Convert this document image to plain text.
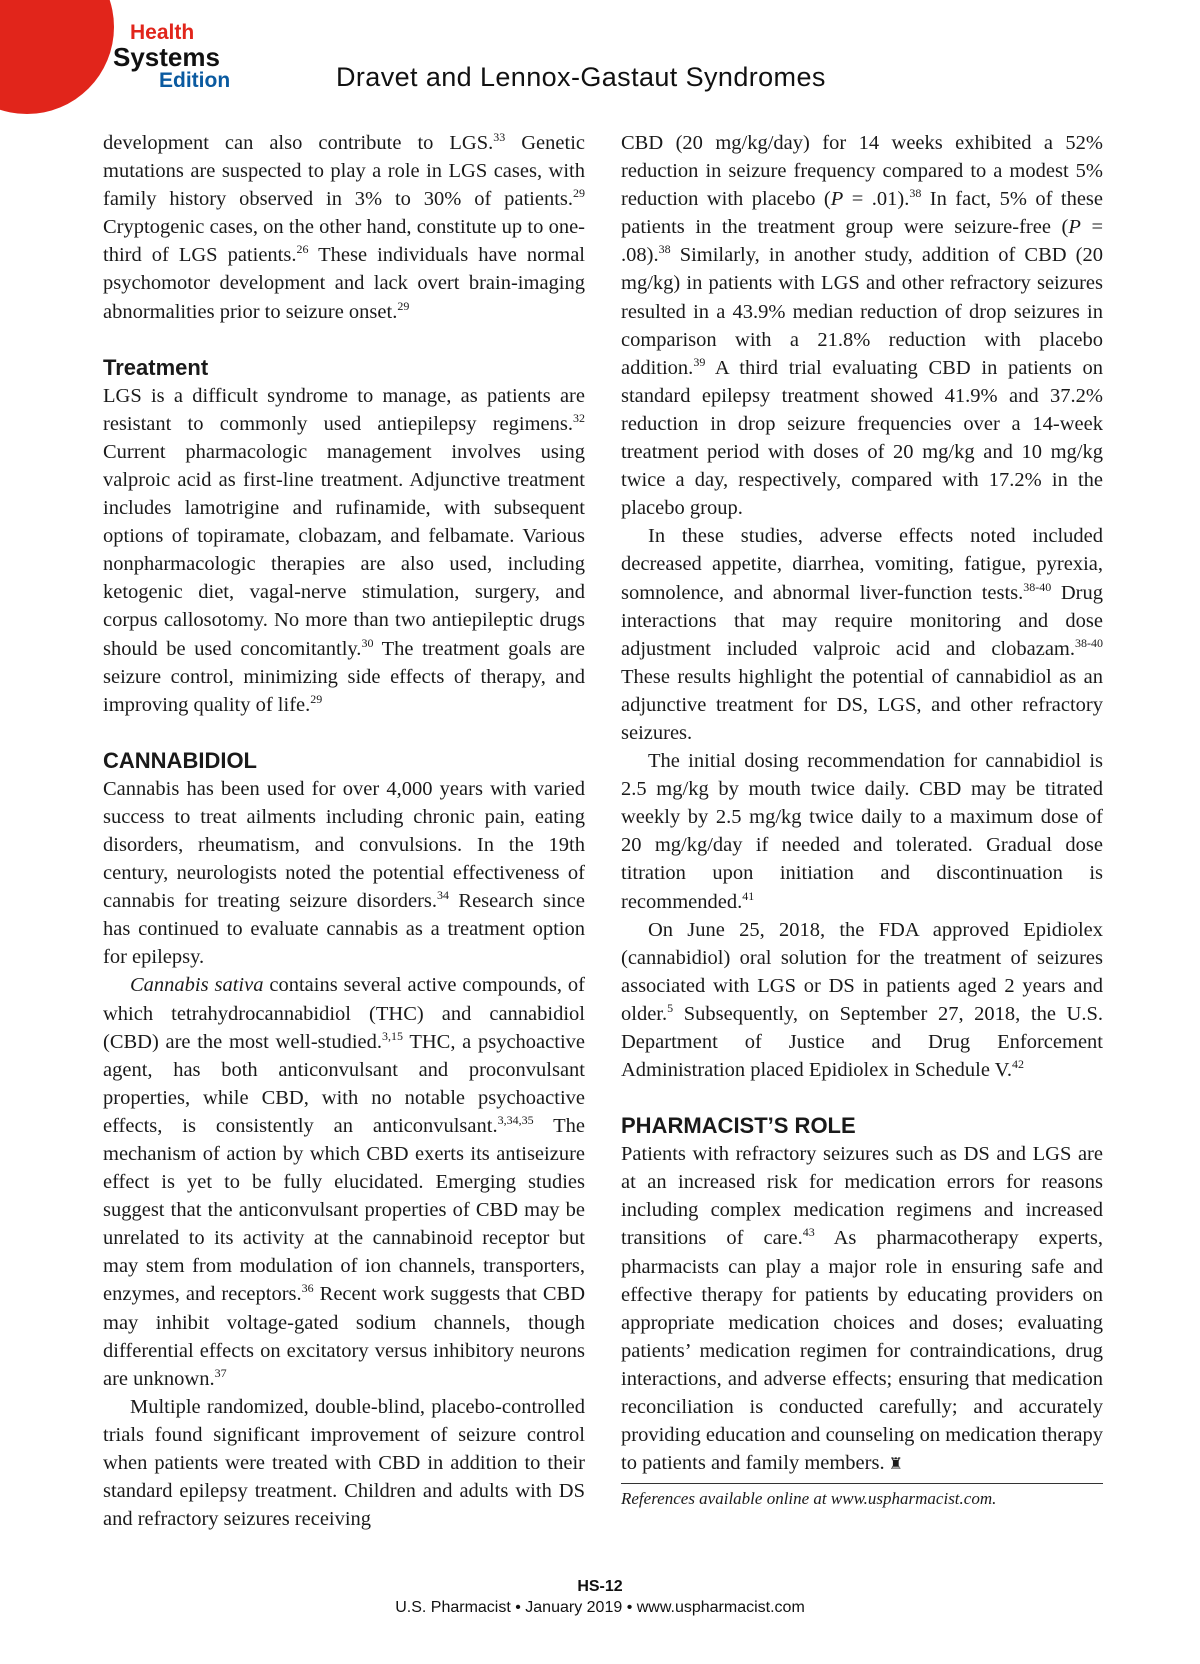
Health
Systems
Edition	Dravet and Lennox-Gastaut Syndromes

development can also contribute to LGS.$^{33}$ Genetic mutations are suspected to play a role in LGS cases, with family history observed in 3% to 30% of patients.$^{29}$ Cryptogenic cases, on the other hand, constitute up to one-third of LGS patients.$^{26}$ These individuals have normal psychomotor development and lack overt brain-imaging abnormalities prior to seizure onset.$^{29}$

Treatment

LGS is a difficult syndrome to manage, as patients are resistant to commonly used antiepilepsy regimens.$^{32}$ Current pharmacologic management involves using valproic acid as first-line treatment. Adjunctive treatment includes lamotrigine and rufinamide, with subsequent options of topiramate, clobazam, and felbamate. Various nonpharmacologic therapies are also used, including ketogenic diet, vagal-nerve stimulation, surgery, and corpus callosotomy. No more than two antiepileptic drugs should be used concomitantly.$^{30}$ The treatment goals are seizure control, minimizing side effects of therapy, and improving quality of life.$^{29}$

CANNABIDIOL

Cannabis has been used for over 4,000 years with varied success to treat ailments including chronic pain, eating disorders, rheumatism, and convulsions. In the 19th century, neurologists noted the potential effectiveness of cannabis for treating seizure disorders.$^{34}$ Research since has continued to evaluate cannabis as a treatment option for epilepsy.

Cannabis sativa contains several active compounds, of which tetrahydrocannabidiol (THC) and cannabidiol (CBD) are the most well-studied.$^{3,15}$ THC, a psychoactive agent, has both anticonvulsant and proconvulsant properties, while CBD, with no notable psychoactive effects, is consistently an anticonvulsant.$^{3,34,35}$ The mechanism of action by which CBD exerts its antiseizure effect is yet to be fully elucidated. Emerging studies suggest that the anticonvulsant properties of CBD may be unrelated to its activity at the cannabinoid receptor but may stem from modulation of ion channels, transporters, enzymes, and receptors.$^{36}$ Recent work suggests that CBD may inhibit voltage-gated sodium channels, though differential effects on excitatory versus inhibitory neurons are unknown.$^{37}$

Multiple randomized, double-blind, placebo-controlled trials found significant improvement of seizure control when patients were treated with CBD in addition to their standard epilepsy treatment. Children and adults with DS and refractory seizures receiving

CBD (20 mg/kg/day) for 14 weeks exhibited a 52% reduction in seizure frequency compared to a modest 5% reduction with placebo (P = .01).$^{38}$ In fact, 5% of these patients in the treatment group were seizure-free (P = .08).$^{38}$ Similarly, in another study, addition of CBD (20 mg/kg) in patients with LGS and other refractory seizures resulted in a 43.9% median reduction of drop seizures in comparison with a 21.8% reduction with placebo addition.$^{39}$ A third trial evaluating CBD in patients on standard epilepsy treatment showed 41.9% and 37.2% reduction in drop seizure frequencies over a 14-week treatment period with doses of 20 mg/kg and 10 mg/kg twice a day, respectively, compared with 17.2% in the placebo group.

In these studies, adverse effects noted included decreased appetite, diarrhea, vomiting, fatigue, pyrexia, somnolence, and abnormal liver-function tests.$^{38-40}$ Drug interactions that may require monitoring and dose adjustment included valproic acid and clobazam.$^{38-40}$ These results highlight the potential of cannabidiol as an adjunctive treatment for DS, LGS, and other refractory seizures.

The initial dosing recommendation for cannabidiol is 2.5 mg/kg by mouth twice daily. CBD may be titrated weekly by 2.5 mg/kg twice daily to a maximum dose of 20 mg/kg/day if needed and tolerated. Gradual dose titration upon initiation and discontinuation is recommended.$^{41}$

On June 25, 2018, the FDA approved Epidiolex (cannabidiol) oral solution for the treatment of seizures associated with LGS or DS in patients aged 2 years and older.$^5$ Subsequently, on September 27, 2018, the U.S. Department of Justice and Drug Enforcement Administration placed Epidiolex in Schedule V.$^{42}$

PHARMACIST’S ROLE

Patients with refractory seizures such as DS and LGS are at an increased risk for medication errors for reasons including complex medication regimens and increased transitions of care.$^{43}$ As pharmacotherapy experts, pharmacists can play a major role in ensuring safe and effective therapy for patients by educating providers on appropriate medication choices and doses; evaluating patients’ medication regimen for contraindications, drug interactions, and adverse effects; ensuring that medication reconciliation is conducted carefully; and accurately providing education and counseling on medication therapy to patients and family members. ♜

References available online at www.uspharmacist.com.
HS-12
U.S. Pharmacist • January 2019 • www.uspharmacist.com
